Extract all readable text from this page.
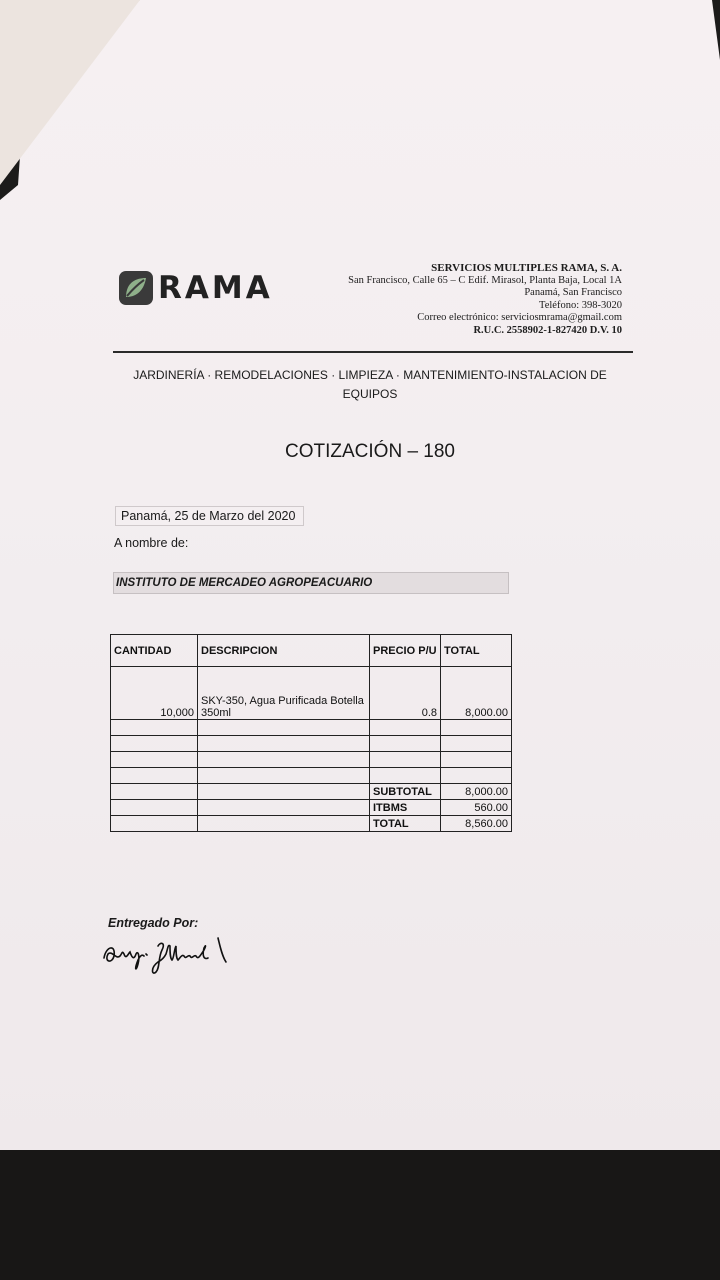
RAMA
SERVICIOS MULTIPLES RAMA, S. A.
San Francisco, Calle 65 – C Edif. Mirasol, Planta Baja, Local 1A
Panamá, San Francisco
Teléfono: 398-3020
Correo electrónico: serviciosmrama@gmail.com
R.U.C. 2558902-1-827420 D.V. 10
JARDINERÍA · REMODELACIONES · LIMPIEZA · MANTENIMIENTO-INSTALACION DE EQUIPOS
COTIZACIÓN – 180
Panamá, 25 de Marzo del 2020
A nombre de:
INSTITUTO DE MERCADEO AGROPEACUARIO
CANTIDAD	DESCRIPCION	PRECIO P/U	TOTAL
10,000	SKY-350, Agua Purificada Botella 350ml	0.8	8,000.00

		SUBTOTAL	8,000.00
		ITBMS	560.00
		TOTAL	8,560.00
Entregado Por:
